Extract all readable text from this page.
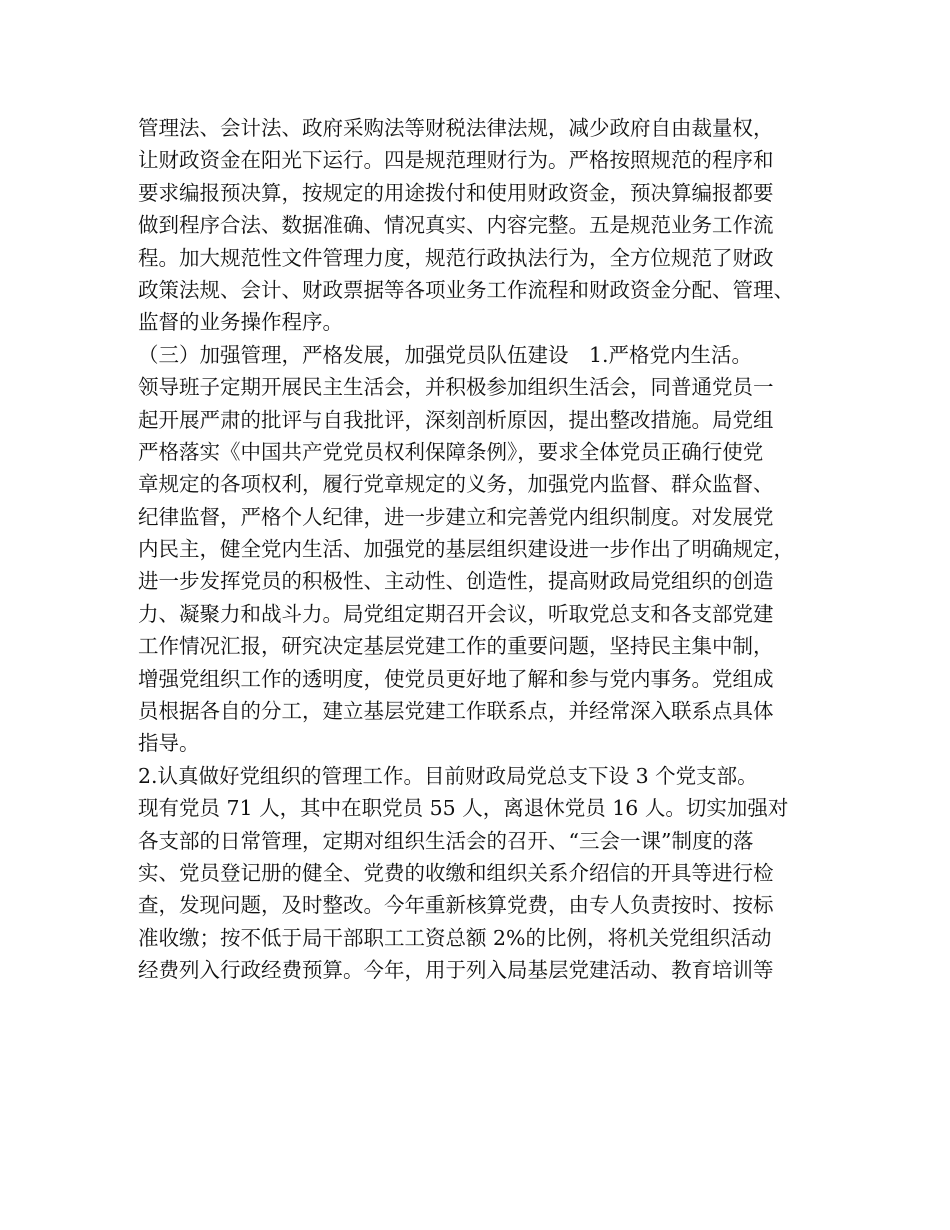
管理法、会计法、政府采购法等财税法律法规，减少政府自由裁量权，
让财政资金在阳光下运行。四是规范理财行为。严格按照规范的程序和
要求编报预决算，按规定的用途拨付和使用财政资金，预决算编报都要
做到程序合法、数据准确、情况真实、内容完整。五是规范业务工作流
程。加大规范性文件管理力度，规范行政执法行为，全方位规范了财政
政策法规、会计、财政票据等各项业务工作流程和财政资金分配、管理、
监督的业务操作程序。
（三）加强管理，严格发展，加强党员队伍建设　1.严格党内生活。
领导班子定期开展民主生活会，并积极参加组织生活会，同普通党员一
起开展严肃的批评与自我批评，深刻剖析原因，提出整改措施。局党组
严格落实《中国共产党党员权利保障条例》，要求全体党员正确行使党
章规定的各项权利，履行党章规定的义务，加强党内监督、群众监督、
纪律监督，严格个人纪律，进一步建立和完善党内组织制度。对发展党
内民主，健全党内生活、加强党的基层组织建设进一步作出了明确规定，
进一步发挥党员的积极性、主动性、创造性，提高财政局党组织的创造
力、凝聚力和战斗力。局党组定期召开会议，听取党总支和各支部党建
工作情况汇报，研究决定基层党建工作的重要问题，坚持民主集中制，
增强党组织工作的透明度，使党员更好地了解和参与党内事务。党组成
员根据各自的分工，建立基层党建工作联系点，并经常深入联系点具体
指导。
2.认真做好党组织的管理工作。目前财政局党总支下设 3 个党支部。
现有党员 71 人，其中在职党员 55 人，离退休党员 16 人。切实加强对
各支部的日常管理，定期对组织生活会的召开、“三会一课”制度的落
实、党员登记册的健全、党费的收缴和组织关系介绍信的开具等进行检
查，发现问题，及时整改。今年重新核算党费，由专人负责按时、按标
准收缴；按不低于局干部职工工资总额 2%的比例，将机关党组织活动
经费列入行政经费预算。今年，用于列入局基层党建活动、教育培训等
